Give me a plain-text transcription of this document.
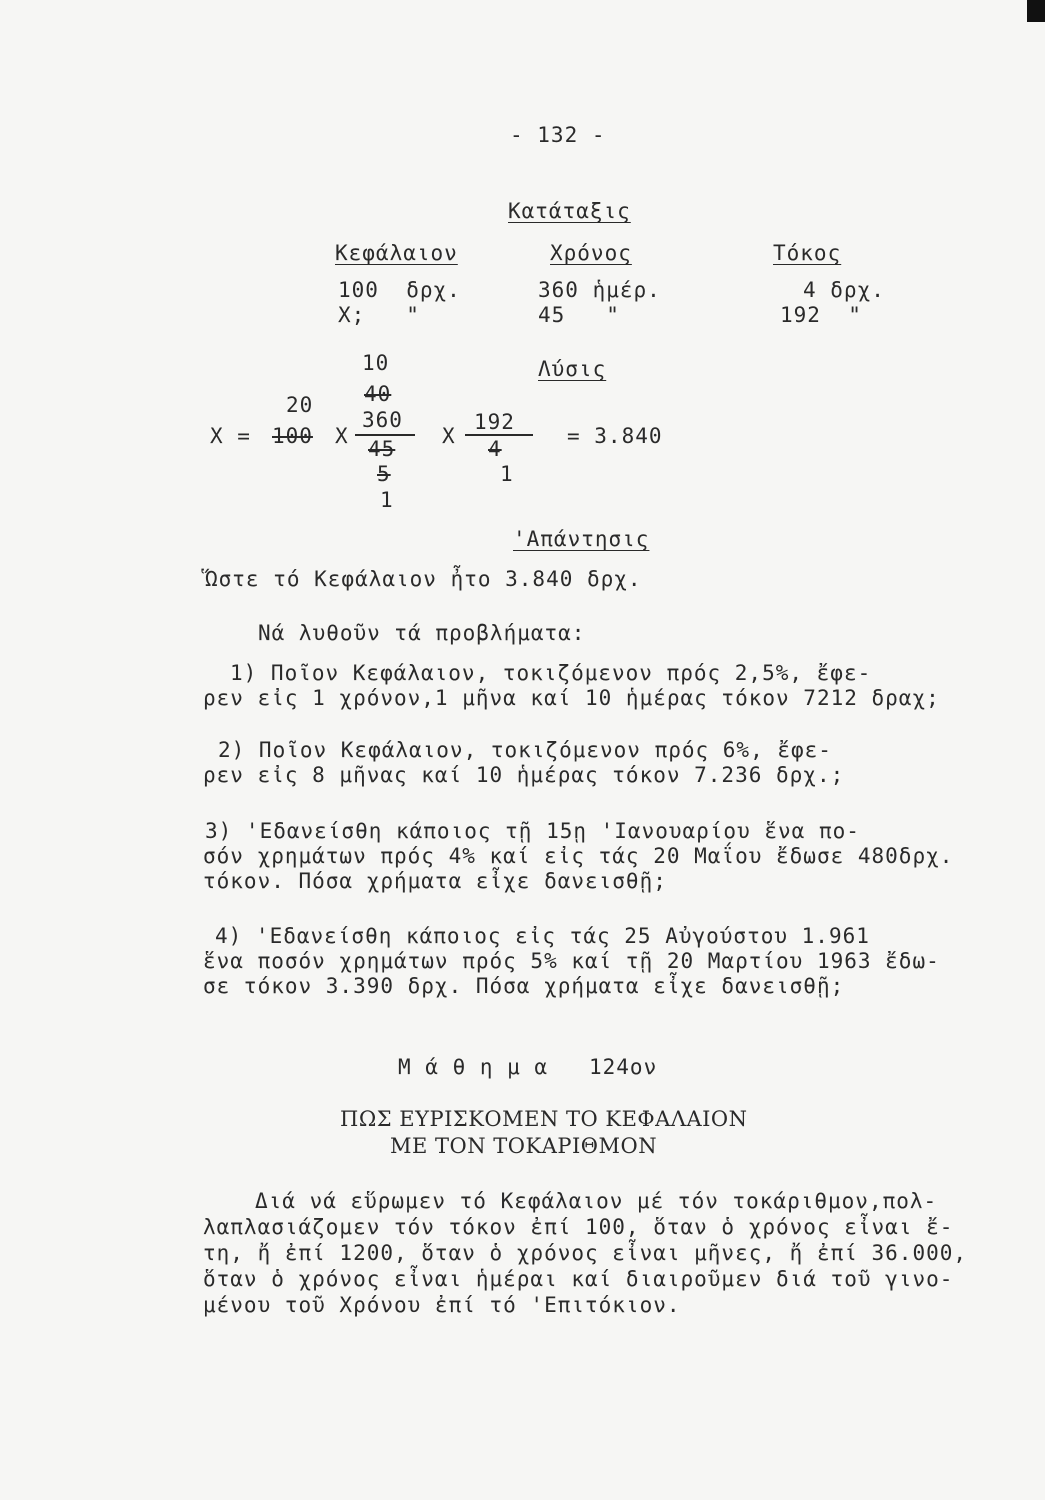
- 132 -
Κατάταξις
Κεφάλαιον	Χρόνος	Τόκος
100  δρχ.	360 ἡμέρ.	4 δρχ.
Χ;   "	45   "	192  "
Λύσις
10
40
20
360	192
Χ = 100 Χ	Χ	= 3.840
45	4
5	1
1
'Απάντησις
Ὥστε τό Κεφάλαιον ἦτο 3.840 δρχ.
Νά λυθοῦν τά προβλήματα:
1) Ποῖον Κεφάλαιον, τοκιζόμενον πρός 2,5%, ἔφε-
ρεν εἰς 1 χρόνον,1 μῆνα καί 10 ἡμέρας τόκον 7212 δραχ;
2) Ποῖον Κεφάλαιον, τοκιζόμενον πρός 6%, ἔφε-
ρεν εἰς 8 μῆνας καί 10 ἡμέρας τόκον 7.236 δρχ.;
3) 'Εδανείσθη κάποιος τῇ 15ῃ 'Ιανουαρίου ἕνα πο-
σόν χρημάτων πρός 4% καί εἰς τάς 20 Μαΐου ἔδωσε 480δρχ.
τόκον. Πόσα χρήματα εἶχε δανεισθῇ;
4) 'Εδανείσθη κάποιος εἰς τάς 25 Αὐγούστου 1.961
ἕνα ποσόν χρημάτων πρός 5% καί τῇ 20 Μαρτίου 1963 ἔδω-
σε τόκον 3.390 δρχ. Πόσα χρήματα εἶχε δανεισθῇ;
Μ ά θ η μ α   124ον
ΠΩΣ ΕΥΡΙΣΚΟΜΕΝ ΤΟ ΚΕΦΑΛΑΙΟΝ
ΜΕ ΤΟΝ ΤΟΚΑΡΙΘΜΟΝ
Διά νά εὕρωμεν τό Κεφάλαιον μέ τόν τοκάριθμον,πολ-
λαπλασιάζομεν τόν τόκον ἐπί 100, ὅταν ὁ χρόνος εἶναι ἔ-
τη, ἤ ἐπί 1200, ὅταν ὁ χρόνος εἶναι μῆνες, ἤ ἐπί 36.000,
ὅταν ὁ χρόνος εἶναι ἡμέραι καί διαιροῦμεν διά τοῦ γινο-
μένου τοῦ Χρόνου ἐπί τό 'Επιτόκιον.
